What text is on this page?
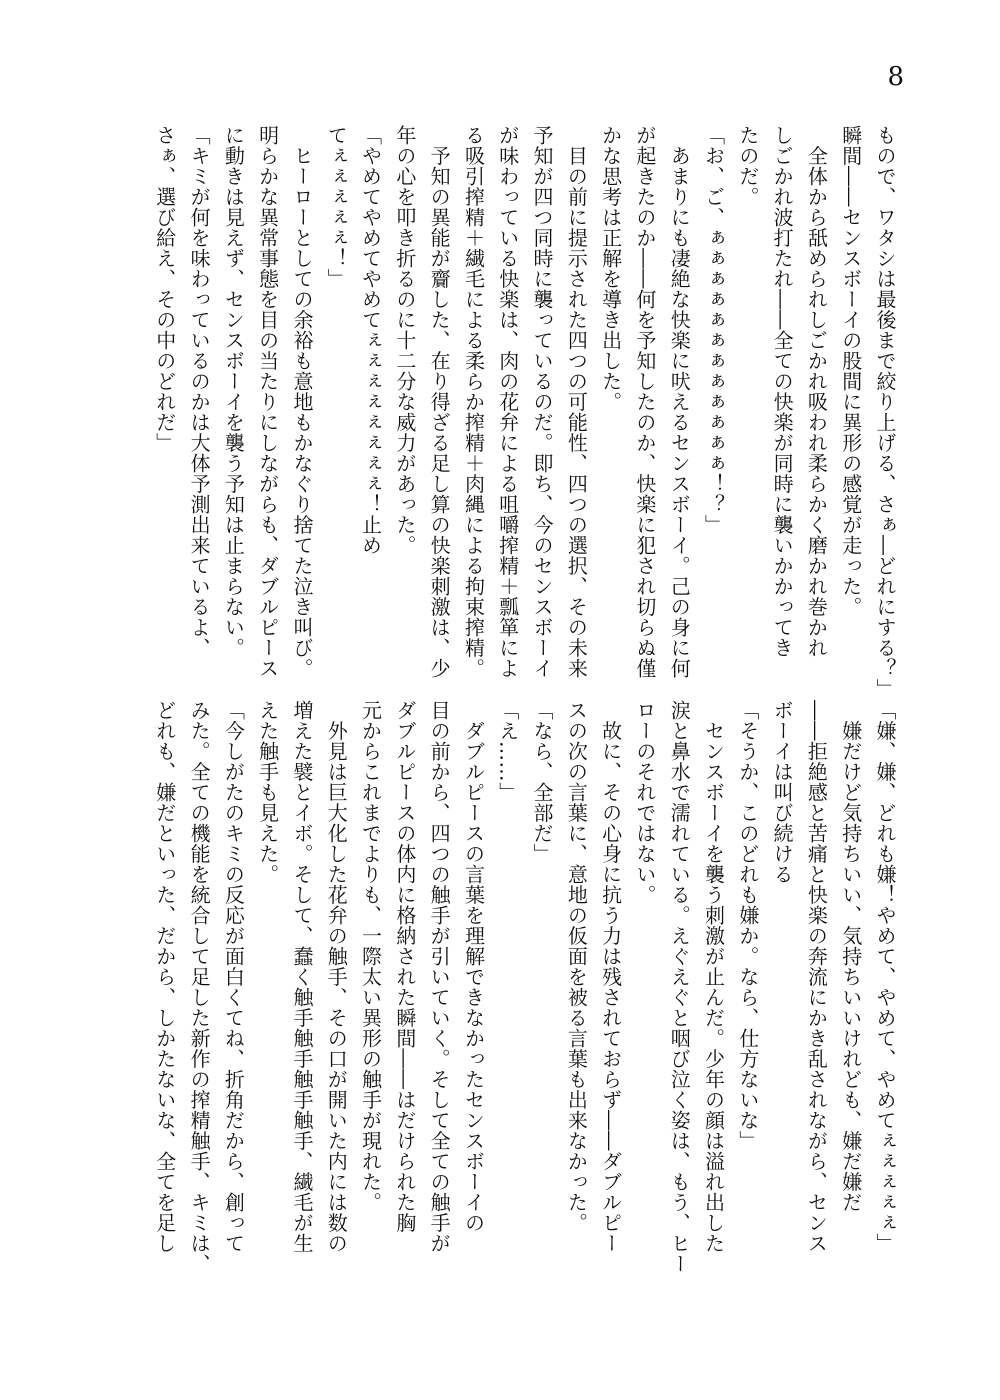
8
もので、ワタシは最後まで絞り上げる、さぁ―どれにする？」
瞬間――センスボーイの股間に異形の感覚が走った。
　全体から舐められしごかれ吸われ柔らかく磨かれ巻かれ
しごかれ波打たれ――全ての快楽が同時に襲いかかってき
たのだ。
「お、ご、ぁぁぁぁぁぁぁぁぁぁぁぁ！？」
　あまりにも凄絶な快楽に吠えるセンスボーイ。己の身に何
が起きたのか――何を予知したのか、快楽に犯され切らぬ僅
かな思考は正解を導き出した。
　目の前に提示された四つの可能性、四つの選択、その未来
予知が四つ同時に襲っているのだ。即ち、今のセンスボーイ
が味わっている快楽は、肉の花弁による咀嚼搾精＋瓢箪によ
る吸引搾精＋繊毛による柔らか搾精＋肉縄による拘束搾精。
　予知の異能が齎した、在り得ざる足し算の快楽刺激は、少
年の心を叩き折るのに十二分な威力があった。
「やめてやめてやめてぇぇぇぇぇぇぇぇ！止め
てぇぇぇぇぇ！」
　ヒーローとしての余裕も意地もかなぐり捨てた泣き叫び。
明らかな異常事態を目の当たりにしながらも、ダブルピース
に動きは見えず、センスボーイを襲う予知は止まらない。
「キミが何を味わっているのかは大体予測出来ているよ、
さぁ、選び給え、その中のどれだ」
「嫌、嫌、どれも嫌！やめて、やめて、やめてぇぇぇぇぇ」
　嫌だけど気持ちいい、気持ちいいけれども、嫌だ嫌だ
――拒絶感と苦痛と快楽の奔流にかき乱されながら、センス
ボーイは叫び続ける
「そうか、このどれも嫌か。なら、仕方ないな」
　センスボーイを襲う刺激が止んだ。少年の顔は溢れ出した
涙と鼻水で濡れている。えぐえぐと咽び泣く姿は、もう、ヒー
ローのそれではない。
　故に、その心身に抗う力は残されておらず――ダブルピー
スの次の言葉に、意地の仮面を被る言葉も出来なかった。
「なら、全部だ」
「え……」
　ダブルピースの言葉を理解できなかったセンスボーイの
目の前から、四つの触手が引いていく。そして全ての触手が
ダブルピースの体内に格納された瞬間――はだけられた胸
元からこれまでよりも、一際太い異形の触手が現れた。
　外見は巨大化した花弁の触手、その口が開いた内には数の
増えた襞とイボ。そして、蠢く触手触手触手触手、繊毛が生
えた触手も見えた。
「今しがたのキミの反応が面白くてね、折角だから、創って
みた。全ての機能を統合して足した新作の搾精触手、キミは、
どれも、嫌だといった、だから、しかたないな、全てを足し
